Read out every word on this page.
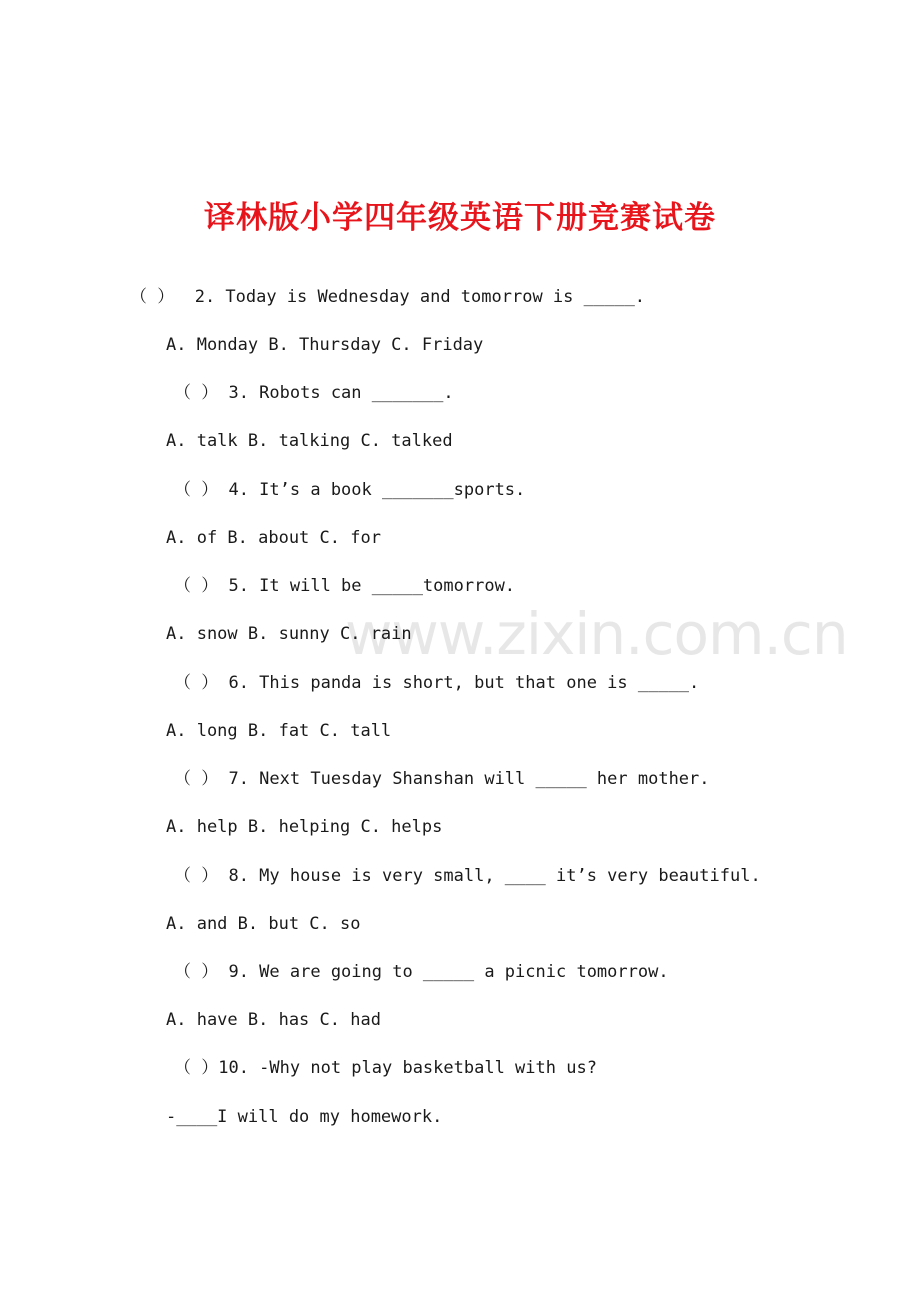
www.zixin.com.cn
译林版小学四年级英语下册竞赛试卷
（ ）  2. Today is Wednesday and tomorrow is _____.
A. Monday B. Thursday C. Friday
（ ） 3. Robots can _______.
A. talk B. talking C. talked
（ ） 4. It’s a book _______sports.
A. of B. about C. for
（ ） 5. It will be _____tomorrow.
A. snow B. sunny C. rain
（ ） 6. This panda is short, but that one is _____.
A. long B. fat C. tall
（ ） 7. Next Tuesday Shanshan will _____ her mother.
A. help B. helping C. helps
（ ） 8. My house is very small, ____ it’s very beautiful.
A. and B. but C. so
（ ） 9. We are going to _____ a picnic tomorrow.
A. have B. has C. had
（ ）10. -Why not play basketball with us?
-____I will do my homework.
